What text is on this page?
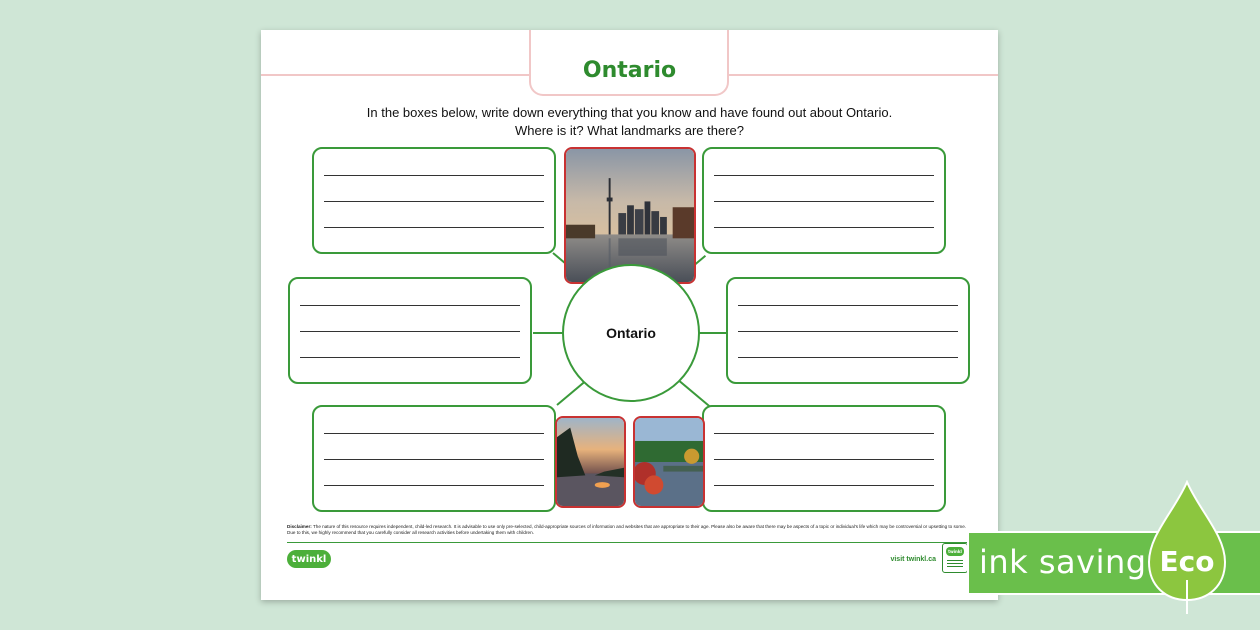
Ontario
In the boxes below, write down everything that you know and have found out about Ontario.
Where is it? What landmarks are there?
Ontario
Disclaimer: The nature of this resource requires independent, child-led research. It is advisable to use only pre-selected, child-appropriate sources of information and websites that are appropriate to their age. Please also be aware that there may be aspects of a topic or individual's life which may be controversial or upsetting to some. Due to this, we highly recommend that you carefully consider all research activities before undertaking them with children.
twinkl	visit twinkl.ca
twinkl ink saving Eco
